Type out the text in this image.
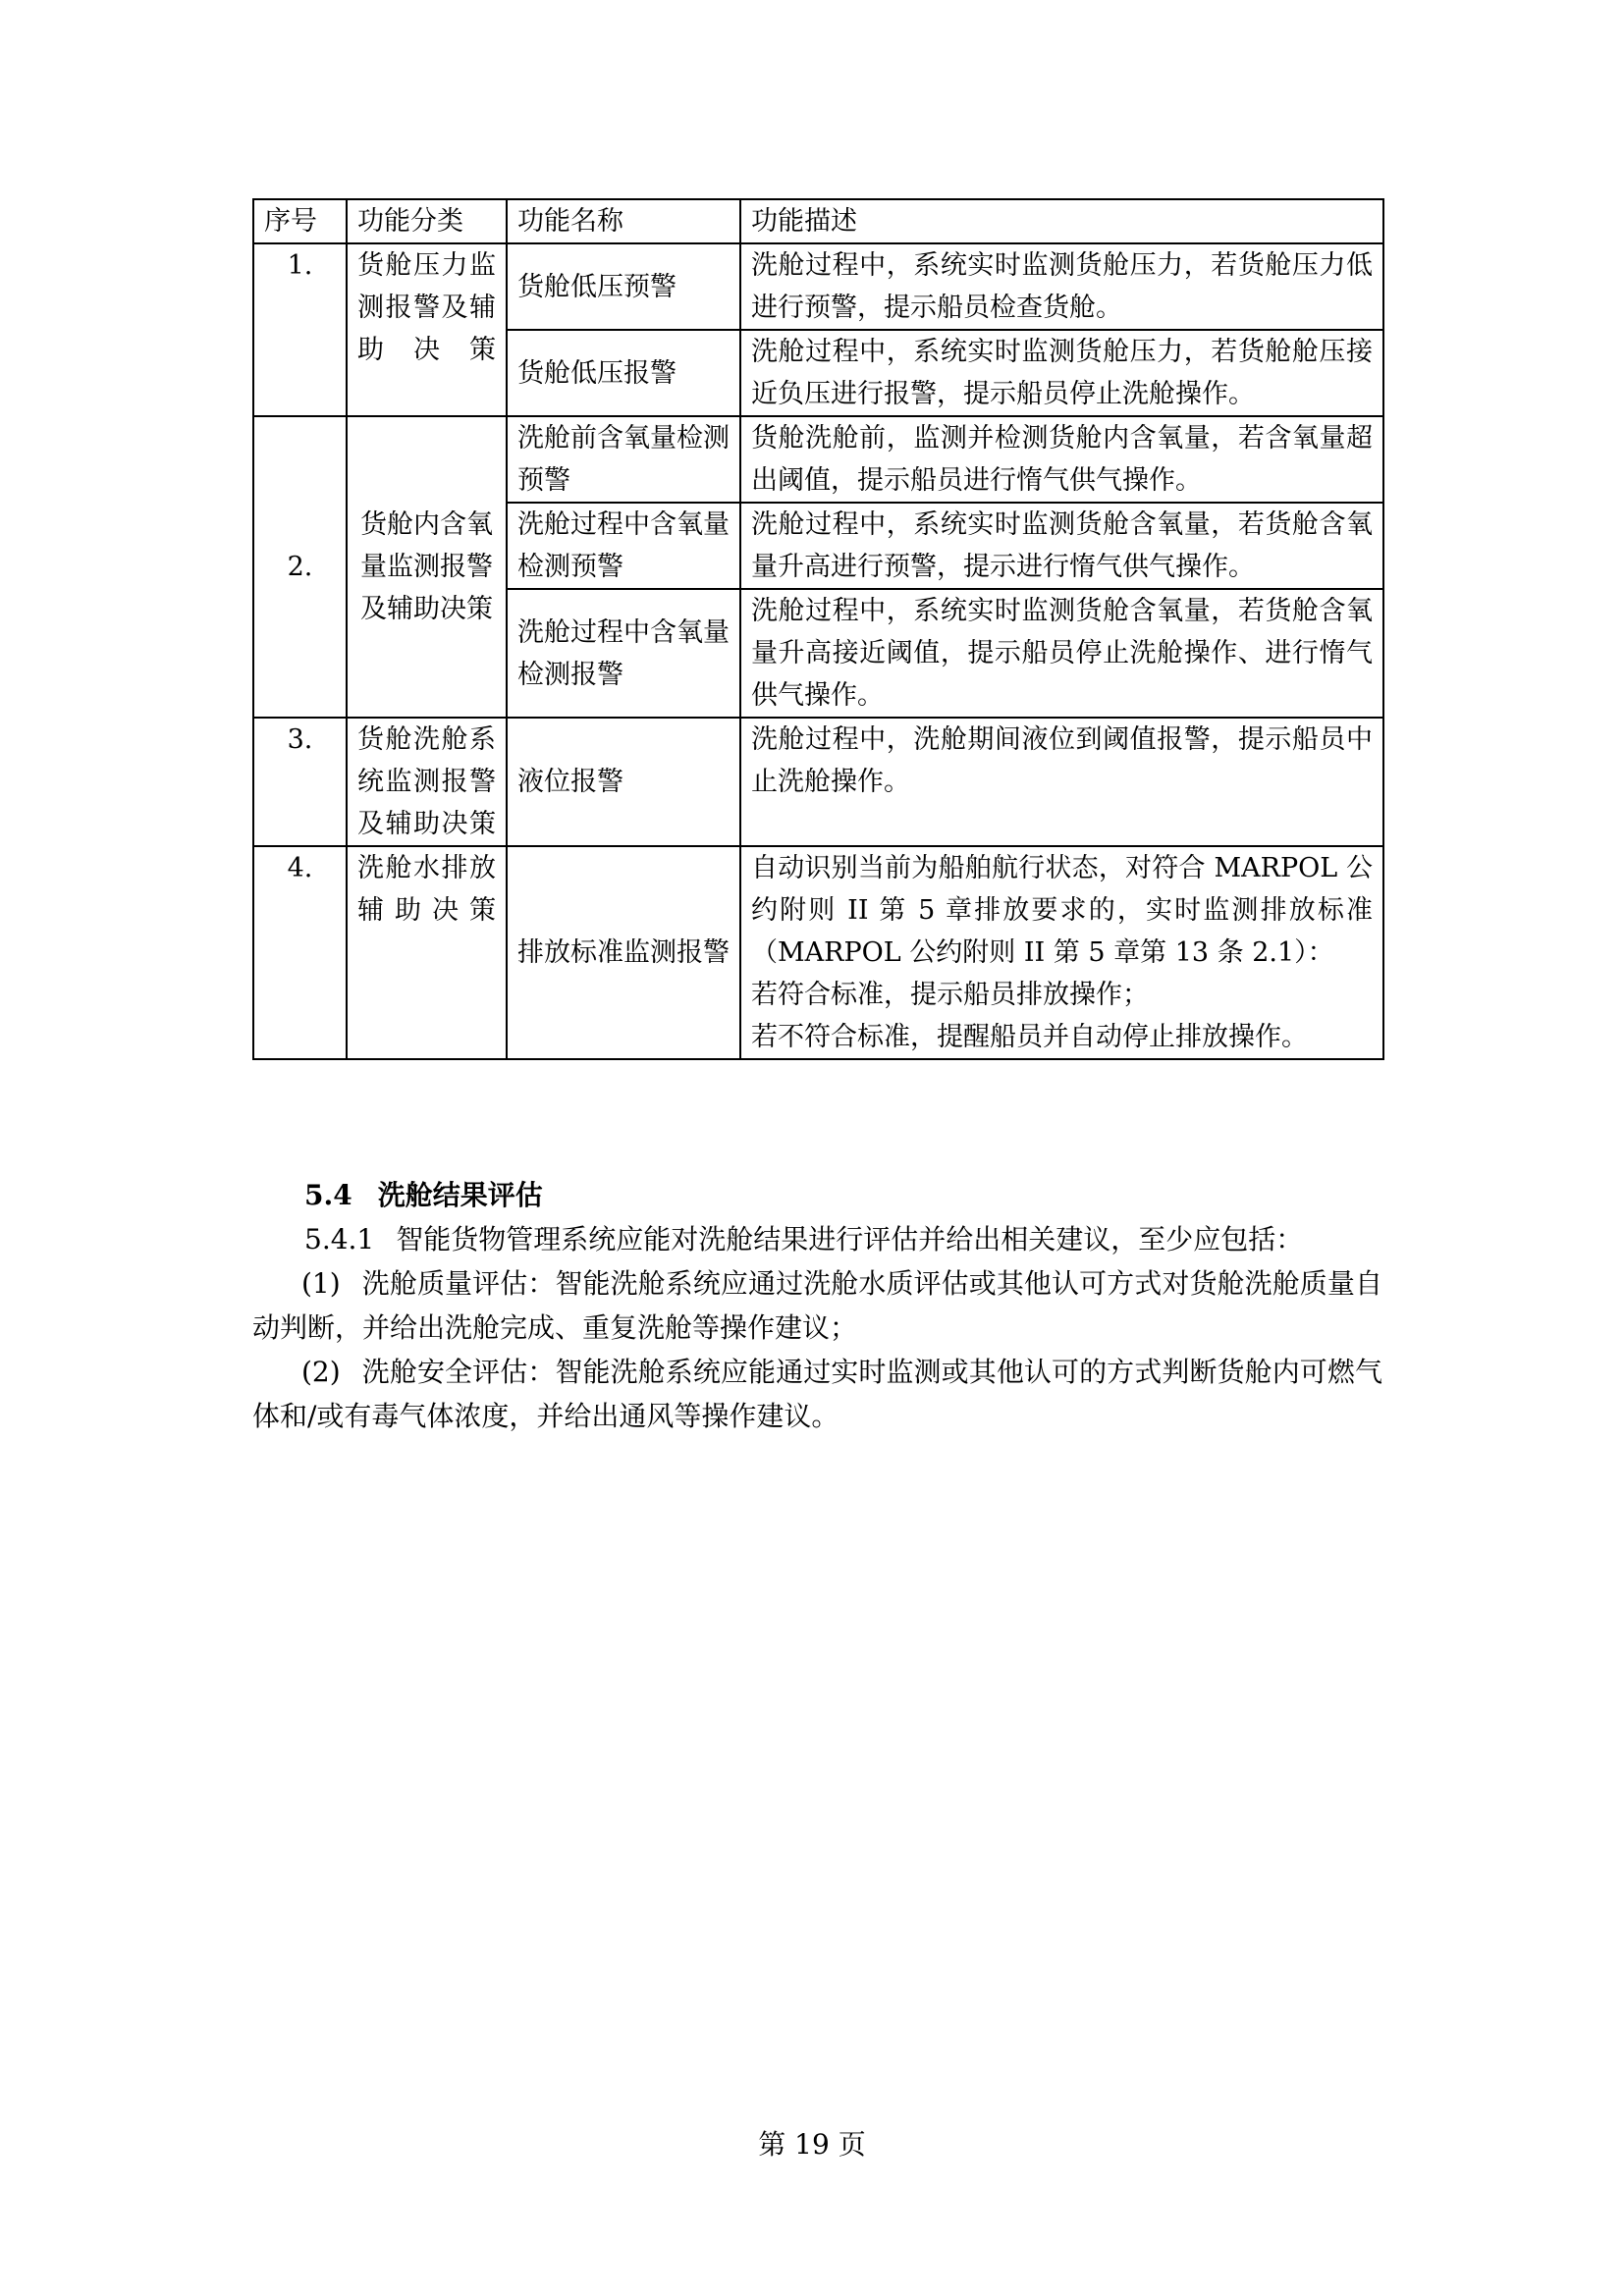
序号	功能分类	功能名称	功能描述
1.	货舱压力监测报警及辅助决策	货舱低压预警	洗舱过程中，系统实时监测货舱压力，若货舱压力低进行预警，提示船员检查货舱。

		货舱低压报警	洗舱过程中，系统实时监测货舱压力，若货舱舱压接近负压进行报警，提示船员停止洗舱操作。

2.	货舱内含氧量监测报警及辅助决策	洗舱前含氧量检测预警	货舱洗舱前，监测并检测货舱内含氧量，若含氧量超出阈值，提示船员进行惰气供气操作。

		洗舱过程中含氧量检测预警	洗舱过程中，系统实时监测货舱含氧量，若货舱含氧量升高进行预警，提示进行惰气供气操作。

		洗舱过程中含氧量检测报警	洗舱过程中，系统实时监测货舱含氧量，若货舱含氧量升高接近阈值，提示船员停止洗舱操作、进行惰气供气操作。

3.	货舱洗舱系统监测报警及辅助决策	液位报警	洗舱过程中，洗舱期间液位到阈值报警，提示船员中止洗舱操作。

4.	洗舱水排放辅助决策	排放标准监测报警	自动识别当前为船舶航行状态，对符合 MARPOL 公约附则 II 第 5 章排放要求的，实时监测排放标准（MARPOL 公约附则 II 第 5 章第 13 条 2.1）：
若符合标准，提示船员排放操作；
若不符合标准，提醒船员并自动停止排放操作。
5.4 洗舱结果评估

5.4.1 智能货物管理系统应能对洗舱结果进行评估并给出相关建议，至少应包括：

(1) 洗舱质量评估：智能洗舱系统应通过洗舱水质评估或其他认可方式对货舱洗舱质量自动判断，并给出洗舱完成、重复洗舱等操作建议；

(2) 洗舱安全评估：智能洗舱系统应能通过实时监测或其他认可的方式判断货舱内可燃气体和/或有毒气体浓度，并给出通风等操作建议。

第 19 页
